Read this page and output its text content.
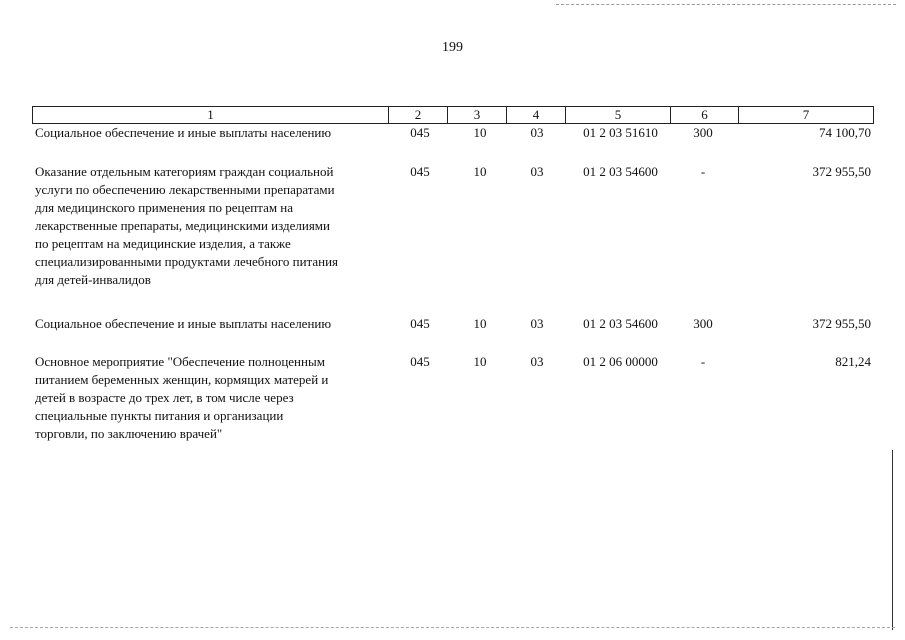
199
1	2	3	4	5	6	7
Социальное обеспечение и иные выплаты населению	045	10	03	01 2 03 51610	300	74 100,70
Оказание отдельным категориям граждан социальной
услуги по обеспечению лекарственными препаратами
для медицинского применения по рецептам на
лекарственные препараты, медицинскими изделиями
по рецептам на медицинские изделия, а также
специализированными продуктами лечебного питания
для детей-инвалидов
045	10	03	01 2 03 54600	-	372 955,50
Социальное обеспечение и иные выплаты населению	045	10	03	01 2 03 54600	300	372 955,50
Основное мероприятие "Обеспечение полноценным
питанием беременных женщин, кормящих матерей и
детей в возрасте до трех лет, в том числе через
специальные пункты питания и организации
торговли, по заключению врачей"
045	10	03	01 2 06 00000	-	821,24
